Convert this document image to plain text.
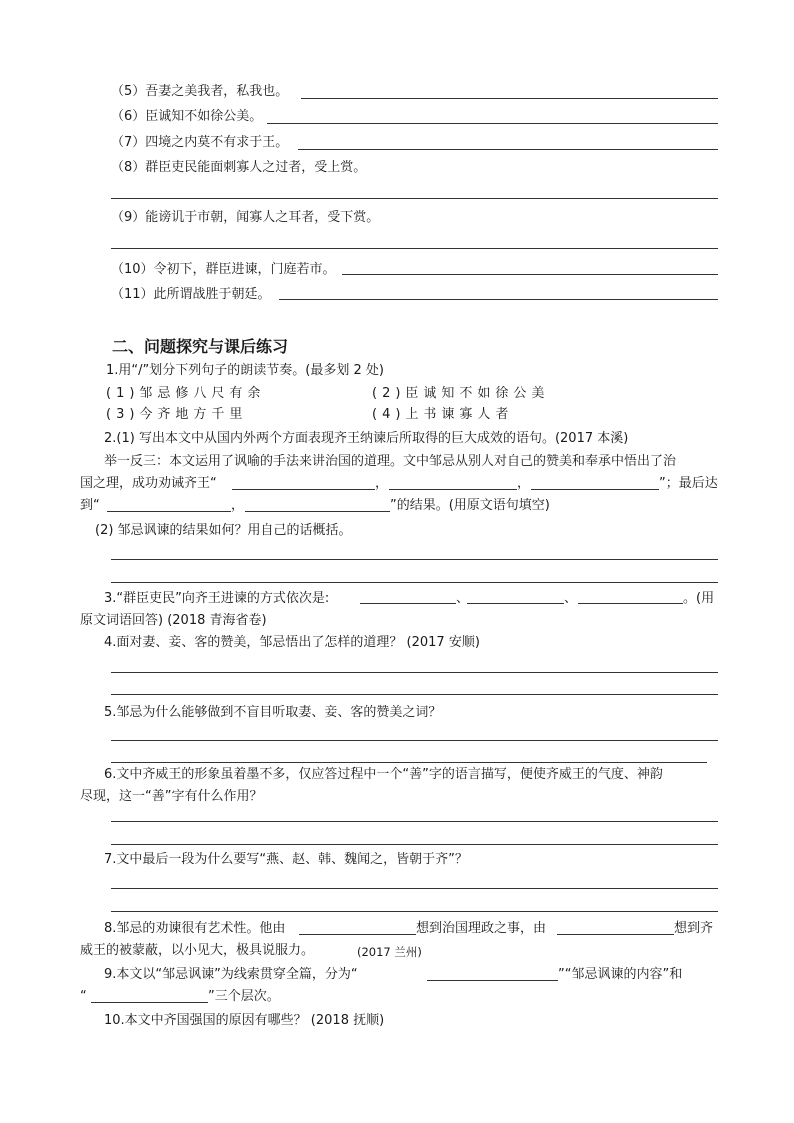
（5）吾妻之美我者，私我也。
（6）臣诚知不如徐公美。
（7）四境之内莫不有求于王。
（8）群臣吏民能面刺寡人之过者，受上赏。
（9）能谤讥于市朝，闻寡人之耳者，受下赏。
（10）令初下，群臣进谏，门庭若市。
（11）此所谓战胜于朝廷。
二、问题探究与课后练习
1.用“/”划分下列句子的朗读节奏。(最多划 2 处)
(1)邹忌修八尺有余	(2)臣诚知不如徐公美
(3)今齐地方千里	(4)上书谏寡人者
2.(1) 写出本文中从国内外两个方面表现齐王纳谏后所取得的巨大成效的语句。(2017 本溪)
举一反三：本文运用了讽喻的手法来讲治国的道理。文中邹忌从别人对自己的赞美和奉承中悟出了治
国之理，成功劝诫齐王“	，	，	”；最后达
到“	，	”的结果。(用原文语句填空)
(2) 邹忌讽谏的结果如何？用自己的话概括。
3.“群臣吏民”向齐王进谏的方式依次是:	、	、	。(用
原文词语回答) (2018 青海省卷)
4.面对妻、妾、客的赞美，邹忌悟出了怎样的道理？ (2017 安顺)
5.邹忌为什么能够做到不盲目听取妻、妾、客的赞美之词？
6.文中齐威王的形象虽着墨不多，仅应答过程中一个“善”字的语言描写，便使齐威王的气度、神韵
尽现，这一“善”字有什么作用？
7.文中最后一段为什么要写“燕、赵、韩、魏闻之，皆朝于齐”？
8.邹忌的劝谏很有艺术性。他由	想到治国理政之事，由	想到齐
威王的被蒙蔽，以小见大，极具说服力。	(2017 兰州)
9.本文以“邹忌讽谏”为线索贯穿全篇，分为“	”“邹忌讽谏的内容”和
“	”三个层次。
10.本文中齐国强国的原因有哪些？ (2018 抚顺)
